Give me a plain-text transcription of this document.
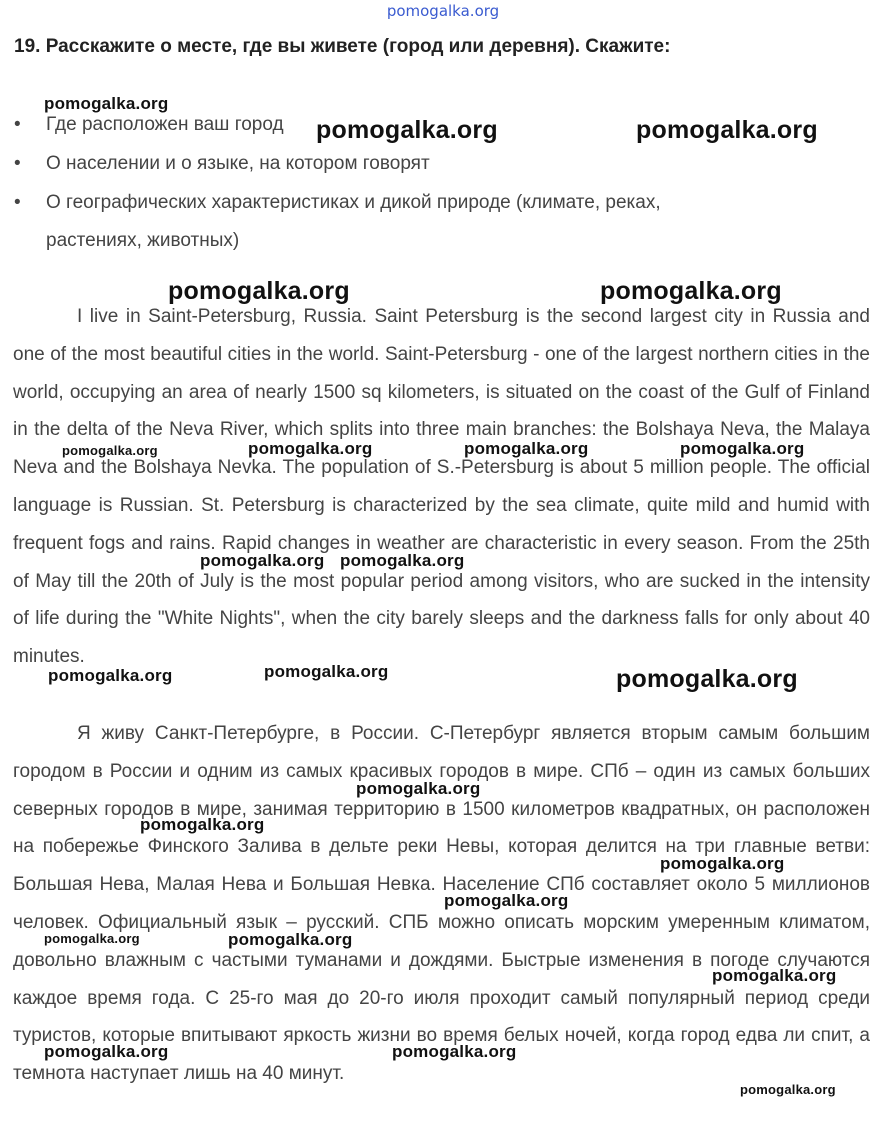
pomogalka.org
19. Расскажите о месте, где вы живете (город или деревня). Скажите:
• Где расположен ваш город
• О населении и о языке, на котором говорят
• О географических характеристиках и дикой природе (климате, реках,
растениях, животных)

I live in Saint-Petersburg, Russia. Saint Petersburg is the second largest city in Russia and one of the most beautiful cities in the world. Saint-Petersburg - one of the largest northern cities in the world, occupying an area of nearly 1500 sq kilometers, is situated on the coast of the Gulf of Finland in the delta of the Neva River, which splits into three main branches: the Bolshaya Neva, the Malaya Neva and the Bolshaya Nevka. The population of S.-Petersburg is about 5 million people. The official language is Russian. St. Petersburg is characterized by the sea climate, quite mild and humid with frequent fogs and rains. Rapid changes in weather are characteristic in every season. From the 25th of May till the 20th of July is the most popular period among visitors, who are sucked in the intensity of life during the "White Nights", when the city barely sleeps and the darkness falls for only about 40 minutes.

Я живу Санкт-Петербурге, в России. С-Петербург является вторым самым большим городом в России и одним из самых красивых городов в мире. СПб – один из самых больших северных городов в мире, занимая территорию в 1500 километров квадратных, он расположен на побережье Финского Залива в дельте реки Невы, которая делится на три главные ветви: Большая Нева, Малая Нева и Большая Невка. Население СПб составляет около 5 миллионов человек. Официальный язык – русский. СПБ можно описать морским умеренным климатом, довольно влажным с частыми туманами и дождями. Быстрые изменения в погоде случаются каждое время года. С 25-го мая до 20-го июля проходит самый популярный период среди туристов, которые впитывают яркость жизни во время белых ночей, когда город едва ли спит, а темнота наступает лишь на 40 минут.

pomogalka.org
pomogalka.org	pomogalka.org
pomogalka.org	pomogalka.org
pomogalka.org	pomogalka.org	pomogalka.org	pomogalka.org
pomogalka.org pomogalka.org
pomogalka.org	pomogalka.org	pomogalka.org
pomogalka.org
pomogalka.org
pomogalka.org
pomogalka.org
pomogalka.org	pomogalka.org
pomogalka.org
pomogalka.org	pomogalka.org
pomogalka.org
